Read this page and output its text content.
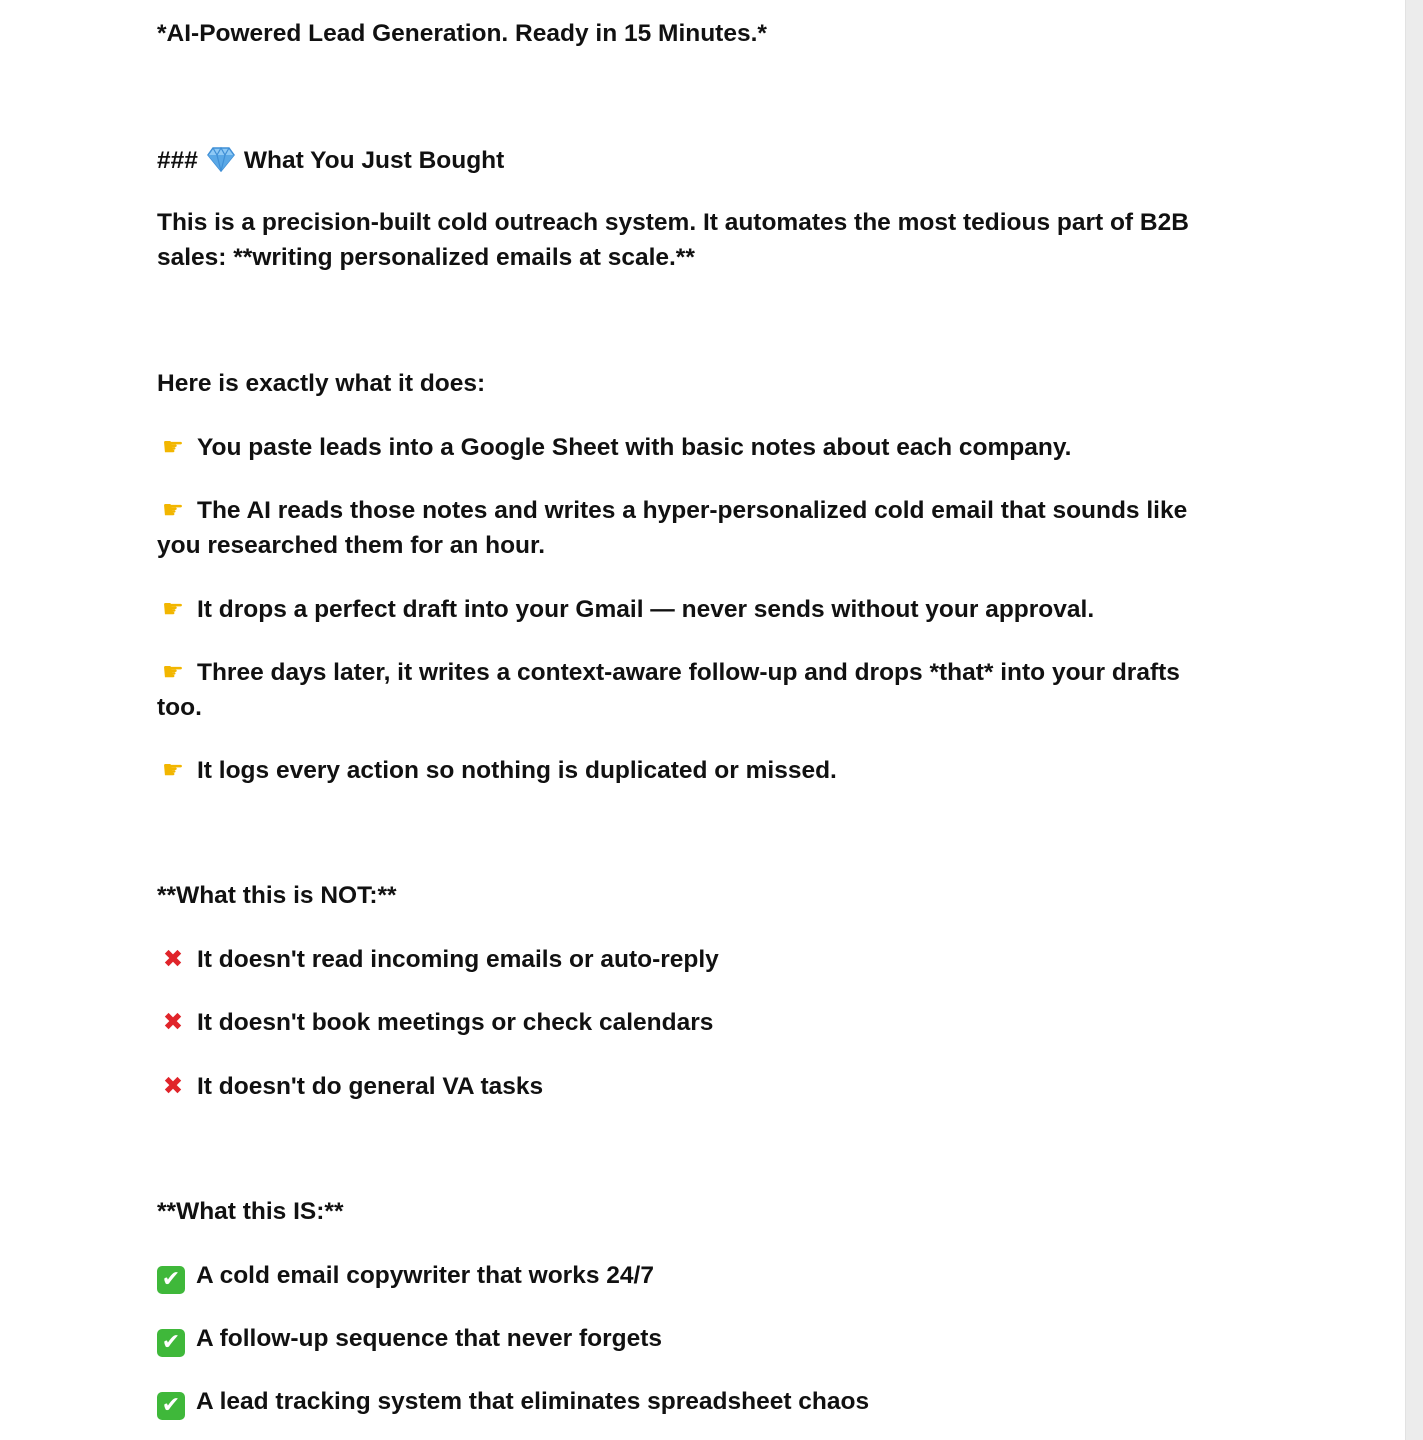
*AI-Powered Lead Generation. Ready in 15 Minutes.*
### What You Just Bought
This is a precision-built cold outreach system. It automates the most tedious part of B2B sales: **writing personalized emails at scale.**
Here is exactly what it does:
☛ You paste leads into a Google Sheet with basic notes about each company.
☛ The AI reads those notes and writes a hyper-personalized cold email that sounds like you researched them for an hour.
☛ It drops a perfect draft into your Gmail — never sends without your approval.
☛ Three days later, it writes a context-aware follow-up and drops *that* into your drafts too.
☛ It logs every action so nothing is duplicated or missed.
**What this is NOT:**
✖ It doesn't read incoming emails or auto-reply
✖ It doesn't book meetings or check calendars
✖ It doesn't do general VA tasks
**What this IS:**
✔ A cold email copywriter that works 24/7
✔ A follow-up sequence that never forgets
✔ A lead tracking system that eliminates spreadsheet chaos
